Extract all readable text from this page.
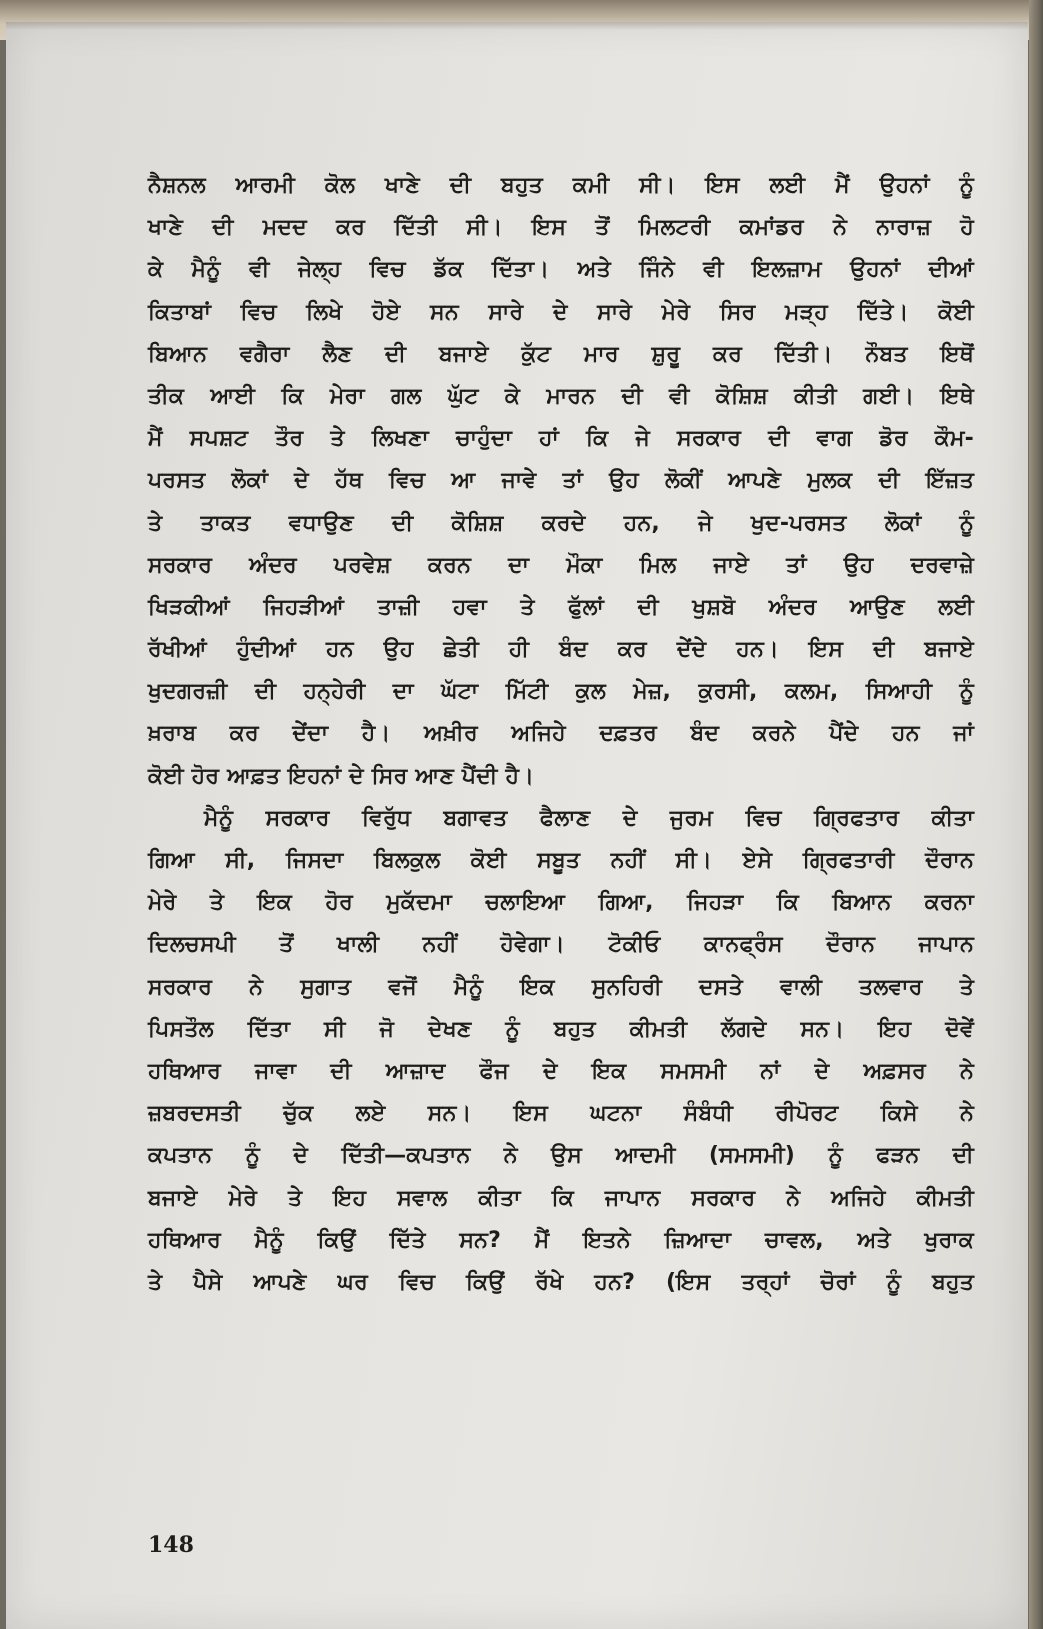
ਨੈਸ਼ਨਲ ਆਰਮੀ ਕੋਲ ਖਾਣੇ ਦੀ ਬਹੁਤ ਕਮੀ ਸੀ। ਇਸ ਲਈ ਮੈਂ ਉਹਨਾਂ ਨੂੰ
ਖਾਣੇ ਦੀ ਮਦਦ ਕਰ ਦਿੱਤੀ ਸੀ। ਇਸ ਤੋਂ ਮਿਲਟਰੀ ਕਮਾਂਡਰ ਨੇ ਨਾਰਾਜ਼ ਹੋ
ਕੇ ਮੈਨੂੰ ਵੀ ਜੇਲ੍ਹ ਵਿਚ ਡੱਕ ਦਿੱਤਾ। ਅਤੇ ਜਿੰਨੇ ਵੀ ਇਲਜ਼ਾਮ ਉਹਨਾਂ ਦੀਆਂ
ਕਿਤਾਬਾਂ ਵਿਚ ਲਿਖੇ ਹੋਏ ਸਨ ਸਾਰੇ ਦੇ ਸਾਰੇ ਮੇਰੇ ਸਿਰ ਮੜ੍ਹ ਦਿੱਤੇ। ਕੋਈ
ਬਿਆਨ ਵਗੈਰਾ ਲੈਣ ਦੀ ਬਜਾਏ ਕੁੱਟ ਮਾਰ ਸ਼ੁਰੂ ਕਰ ਦਿੱਤੀ। ਨੌਬਤ ਇਥੋਂ
ਤੀਕ ਆਈ ਕਿ ਮੇਰਾ ਗਲ ਘੁੱਟ ਕੇ ਮਾਰਨ ਦੀ ਵੀ ਕੋਸ਼ਿਸ਼ ਕੀਤੀ ਗਈ। ਇਥੇ
ਮੈਂ ਸਪਸ਼ਟ ਤੌਰ ਤੇ ਲਿਖਣਾ ਚਾਹੁੰਦਾ ਹਾਂ ਕਿ ਜੇ ਸਰਕਾਰ ਦੀ ਵਾਗ ਡੋਰ ਕੌਮ-
ਪਰਸਤ ਲੋਕਾਂ ਦੇ ਹੱਥ ਵਿਚ ਆ ਜਾਵੇ ਤਾਂ ਉਹ ਲੋਕੀਂ ਆਪਣੇ ਮੁਲਕ ਦੀ ਇੱਜ਼ਤ
ਤੇ ਤਾਕਤ ਵਧਾਉਣ ਦੀ ਕੋਸ਼ਿਸ਼ ਕਰਦੇ ਹਨ, ਜੇ ਖੁਦ-ਪਰਸਤ ਲੋਕਾਂ ਨੂੰ
ਸਰਕਾਰ ਅੰਦਰ ਪਰਵੇਸ਼ ਕਰਨ ਦਾ ਮੌਕਾ ਮਿਲ ਜਾਏ ਤਾਂ ਉਹ ਦਰਵਾਜ਼ੇ
ਖਿੜਕੀਆਂ ਜਿਹੜੀਆਂ ਤਾਜ਼ੀ ਹਵਾ ਤੇ ਫੁੱਲਾਂ ਦੀ ਖੁਸ਼ਬੋ ਅੰਦਰ ਆਉਣ ਲਈ
ਰੱਖੀਆਂ ਹੁੰਦੀਆਂ ਹਨ ਉਹ ਛੇਤੀ ਹੀ ਬੰਦ ਕਰ ਦੇਂਦੇ ਹਨ। ਇਸ ਦੀ ਬਜਾਏ
ਖੁਦਗਰਜ਼ੀ ਦੀ ਹਨ੍ਹੇਰੀ ਦਾ ਘੱਟਾ ਮਿੱਟੀ ਕੁਲ ਮੇਜ਼, ਕੁਰਸੀ, ਕਲਮ, ਸਿਆਹੀ ਨੂੰ
ਖ਼ਰਾਬ ਕਰ ਦੇਂਦਾ ਹੈ। ਅਖ਼ੀਰ ਅਜਿਹੇ ਦਫ਼ਤਰ ਬੰਦ ਕਰਨੇ ਪੈਂਦੇ ਹਨ ਜਾਂ
ਕੋਈ ਹੋਰ ਆਫ਼ਤ ਇਹਨਾਂ ਦੇ ਸਿਰ ਆਣ ਪੈਂਦੀ ਹੈ।
ਮੈਨੂੰ ਸਰਕਾਰ ਵਿਰੁੱਧ ਬਗਾਵਤ ਫੈਲਾਣ ਦੇ ਜੁਰਮ ਵਿਚ ਗ੍ਰਿਫਤਾਰ ਕੀਤਾ
ਗਿਆ ਸੀ, ਜਿਸਦਾ ਬਿਲਕੁਲ ਕੋਈ ਸਬੂਤ ਨਹੀਂ ਸੀ। ਏਸੇ ਗ੍ਰਿਫਤਾਰੀ ਦੌਰਾਨ
ਮੇਰੇ ਤੇ ਇਕ ਹੋਰ ਮੁਕੱਦਮਾ ਚਲਾਇਆ ਗਿਆ, ਜਿਹੜਾ ਕਿ ਬਿਆਨ ਕਰਨਾ
ਦਿਲਚਸਪੀ ਤੋਂ ਖਾਲੀ ਨਹੀਂ ਹੋਵੇਗਾ। ਟੋਕੀਓ ਕਾਨਫ੍ਰੰਸ ਦੌਰਾਨ ਜਾਪਾਨ
ਸਰਕਾਰ ਨੇ ਸੁਗਾਤ ਵਜੋਂ ਮੈਨੂੰ ਇਕ ਸੁਨਹਿਰੀ ਦਸਤੇ ਵਾਲੀ ਤਲਵਾਰ ਤੇ
ਪਿਸਤੌਲ ਦਿੱਤਾ ਸੀ ਜੋ ਦੇਖਣ ਨੂੰ ਬਹੁਤ ਕੀਮਤੀ ਲੱਗਦੇ ਸਨ। ਇਹ ਦੋਵੇਂ
ਹਥਿਆਰ ਜਾਵਾ ਦੀ ਆਜ਼ਾਦ ਫੌਜ ਦੇ ਇਕ ਸਮਸਮੀ ਨਾਂ ਦੇ ਅਫ਼ਸਰ ਨੇ
ਜ਼ਬਰਦਸਤੀ ਚੁੱਕ ਲਏ ਸਨ। ਇਸ ਘਟਨਾ ਸੰਬੰਧੀ ਰੀਪੋਰਟ ਕਿਸੇ ਨੇ
ਕਪਤਾਨ ਨੂੰ ਦੇ ਦਿੱਤੀ—ਕਪਤਾਨ ਨੇ ਉਸ ਆਦਮੀ (ਸਮਸਮੀ) ਨੂੰ ਫੜਨ ਦੀ
ਬਜਾਏ ਮੇਰੇ ਤੇ ਇਹ ਸਵਾਲ ਕੀਤਾ ਕਿ ਜਾਪਾਨ ਸਰਕਾਰ ਨੇ ਅਜਿਹੇ ਕੀਮਤੀ
ਹਥਿਆਰ ਮੈਨੂੰ ਕਿਉਂ ਦਿੱਤੇ ਸਨ? ਮੈਂ ਇਤਨੇ ਜ਼ਿਆਦਾ ਚਾਵਲ, ਅਤੇ ਖੁਰਾਕ
ਤੇ ਪੈਸੇ ਆਪਣੇ ਘਰ ਵਿਚ ਕਿਉਂ ਰੱਖੇ ਹਨ? (ਇਸ ਤਰ੍ਹਾਂ ਚੋਰਾਂ ਨੂੰ ਬਹੁਤ
148
